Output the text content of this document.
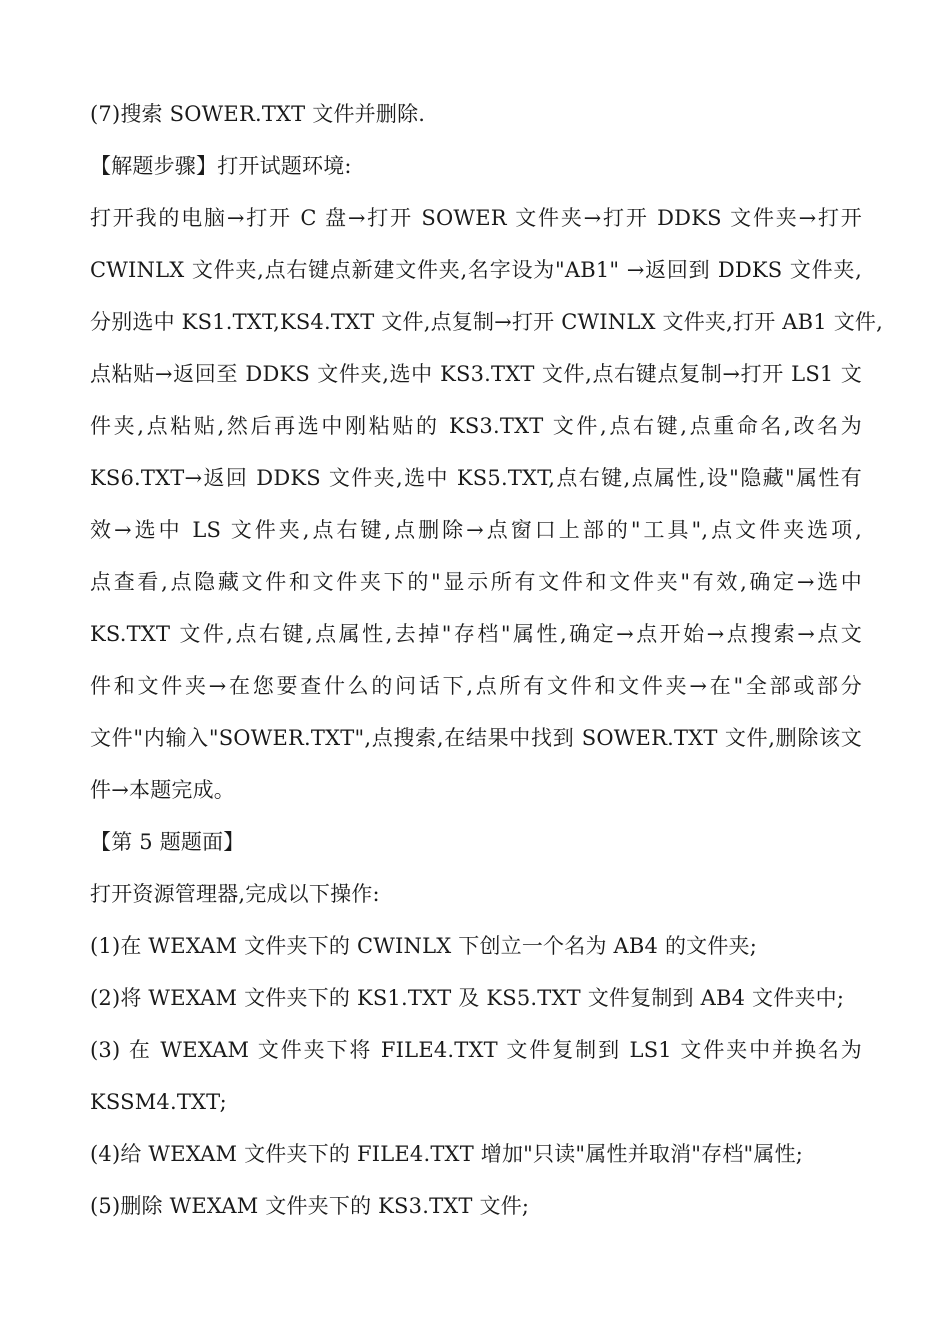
(7)搜索 SOWER.TXT 文件并删除.
【解题步骤】打开试题环境:
打开我的电脑→打开 C 盘→打开 SOWER 文件夹→打开 DDKS 文件夹→打开
CWINLX 文件夹,点右键点新建文件夹,名字设为"AB1" →返回到 DDKS 文件夹,
分别选中 KS1.TXT,KS4.TXT 文件,点复制→打开 CWINLX 文件夹,打开 AB1 文件,
点粘贴→返回至 DDKS 文件夹,选中 KS3.TXT 文件,点右键点复制→打开 LS1 文
件夹,点粘贴,然后再选中刚粘贴的 KS3.TXT 文件,点右键,点重命名,改名为
KS6.TXT→返回 DDKS 文件夹,选中 KS5.TXT,点右键,点属性,设"隐藏"属性有
效→选中 LS 文件夹,点右键,点删除→点窗口上部的"工具",点文件夹选项,
点查看,点隐藏文件和文件夹下的"显示所有文件和文件夹"有效,确定→选中
KS.TXT 文件,点右键,点属性,去掉"存档"属性,确定→点开始→点搜索→点文
件和文件夹→在您要查什么的问话下,点所有文件和文件夹→在"全部或部分
文件"内输入"SOWER.TXT",点搜索,在结果中找到 SOWER.TXT 文件,删除该文
件→本题完成。
【第 5 题题面】
打开资源管理器,完成以下操作:
(1)在 WEXAM 文件夹下的 CWINLX 下创立一个名为 AB4 的文件夹;
(2)将 WEXAM 文件夹下的 KS1.TXT 及 KS5.TXT 文件复制到 AB4 文件夹中;
(3) 在 WEXAM 文件夹下将 FILE4.TXT 文件复制到 LS1 文件夹中并换名为
KSSM4.TXT;
(4)给 WEXAM 文件夹下的 FILE4.TXT 增加"只读"属性并取消"存档"属性;
(5)删除 WEXAM 文件夹下的 KS3.TXT 文件;
